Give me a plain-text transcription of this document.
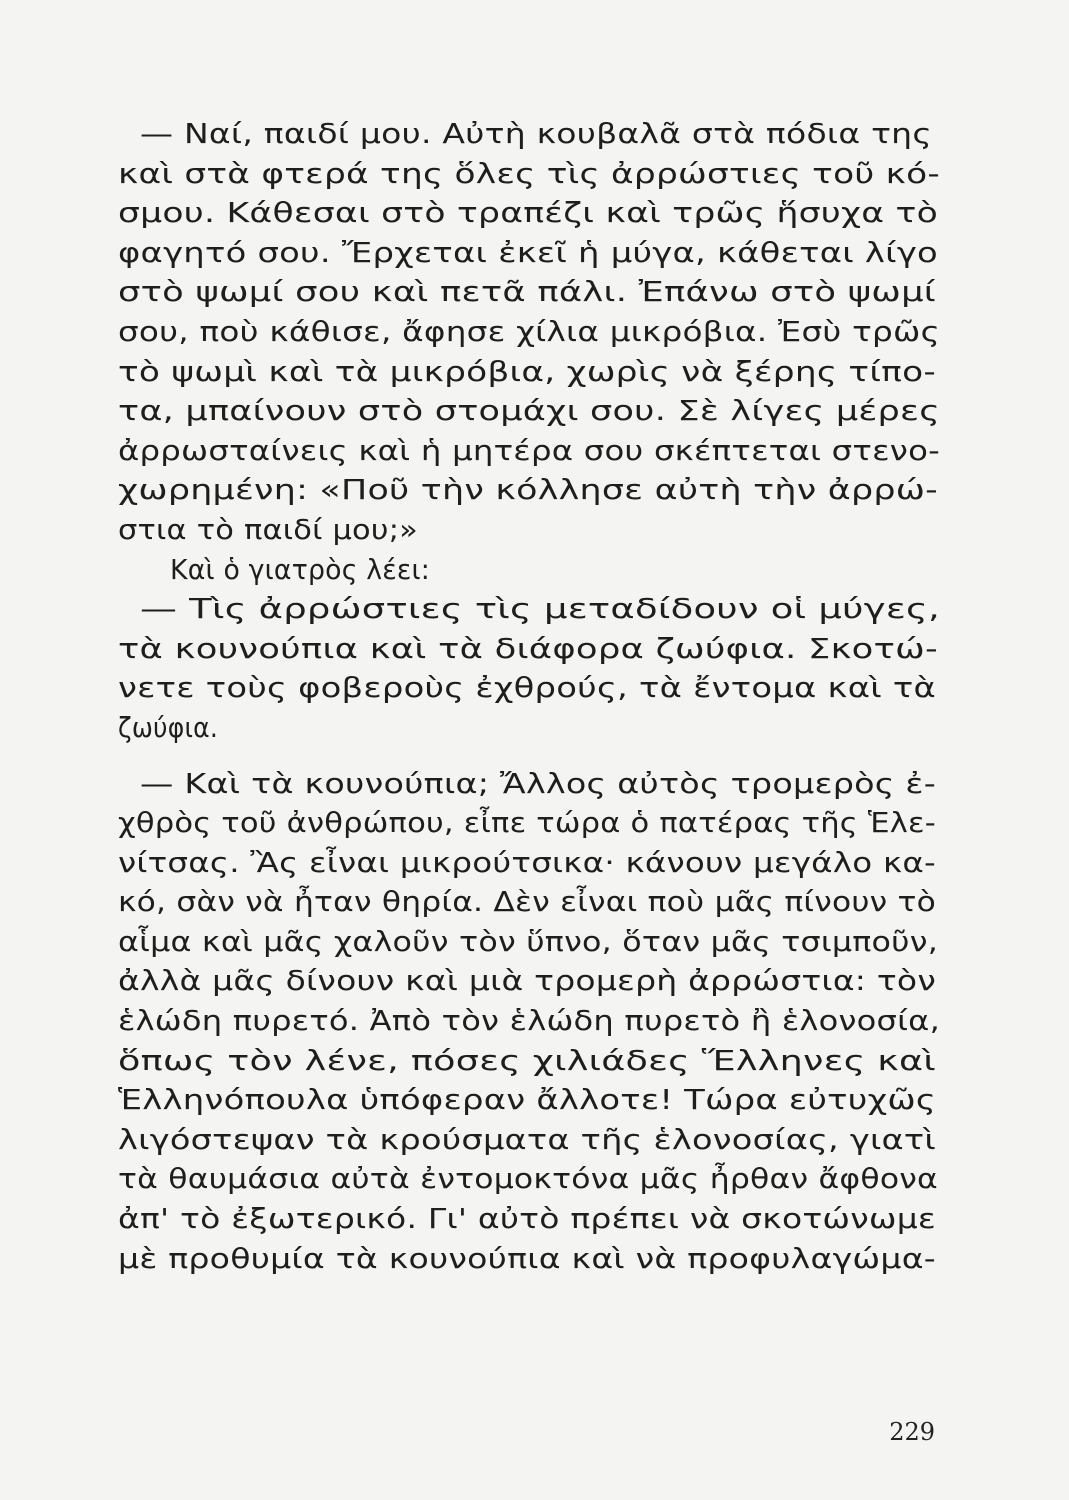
— Ναί, παιδί μου. Αὐτὴ κουβαλᾶ στὰ πόδια της
καὶ στὰ φτερά της ὅλες τὶς ἀρρώστιες τοῦ κό-
σμου. Κάθεσαι στὸ τραπέζι καὶ τρῶς ἥσυχα τὸ
φαγητό σου. Ἔρχεται ἐκεῖ ἡ μύγα, κάθεται λίγο
στὸ ψωμί σου καὶ πετᾶ πάλι. Ἐπάνω στὸ ψωμί
σου, ποὺ κάθισε, ἄφησε χίλια μικρόβια. Ἐσὺ τρῶς
τὸ ψωμὶ καὶ τὰ μικρόβια, χωρὶς νὰ ξέρης τίπο-
τα, μπαίνουν στὸ στομάχι σου. Σὲ λίγες μέρες
ἀρρωσταίνεις καὶ ἡ μητέρα σου σκέπτεται στενο-
χωρημένη: «Ποῦ τὴν κόλλησε αὐτὴ τὴν ἀρρώ-
στια τὸ παιδί μου;»
Καὶ ὁ γιατρὸς λέει:
— Τὶς ἀρρώστιες τὶς μεταδίδουν οἱ μύγες,
τὰ κουνούπια καὶ τὰ διάφορα ζωύφια. Σκοτώ-
νετε τοὺς φοβεροὺς ἐχθρούς, τὰ ἔντομα καὶ τὰ
ζωύφια.
— Καὶ τὰ κουνούπια; Ἄλλος αὐτὸς τρομερὸς ἐ-
χθρὸς τοῦ ἀνθρώπου, εἶπε τώρα ὁ πατέρας τῆς Ἑλε-
νίτσας. Ἂς εἶναι μικρούτσικα· κάνουν μεγάλο κα-
κό, σὰν νὰ ἦταν θηρία. Δὲν εἶναι ποὺ μᾶς πίνουν τὸ
αἷμα καὶ μᾶς χαλοῦν τὸν ὕπνο, ὅταν μᾶς τσιμποῦν,
ἀλλὰ μᾶς δίνουν καὶ μιὰ τρομερὴ ἀρρώστια: τὸν
ἑλώδη πυρετό. Ἀπὸ τὸν ἑλώδη πυρετὸ ἢ ἑλονοσία,
ὅπως τὸν λένε, πόσες χιλιάδες Ἕλληνες καὶ
Ἑλληνόπουλα ὑπόφεραν ἄλλοτε! Τώρα εὐτυχῶς
λιγόστεψαν τὰ κρούσματα τῆς ἑλονοσίας, γιατὶ
τὰ θαυμάσια αὐτὰ ἐντομοκτόνα μᾶς ἦρθαν ἄφθονα
ἀπ' τὸ ἐξωτερικό. Γι' αὐτὸ πρέπει νὰ σκοτώνωμε
μὲ προθυμία τὰ κουνούπια καὶ νὰ προφυλαγώμα-
229
